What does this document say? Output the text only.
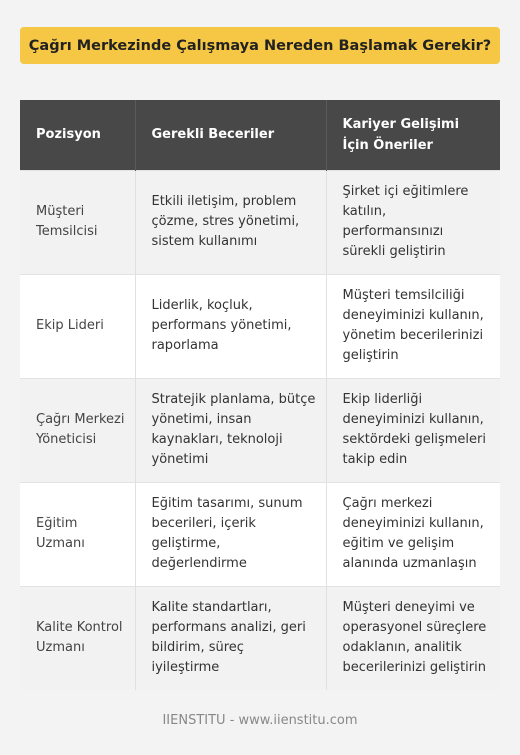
Çağrı Merkezinde Çalışmaya Nereden Başlamak Gerekir?
Pozisyon	Gerekli Beceriler	Kariyer Gelişimi İçin Öneriler
Müşteri Temsilcisi	Etkili iletişim, problem çözme, stres yönetimi, sistem kullanımı	Şirket içi eğitimlere katılın, performansınızı sürekli geliştirin
Ekip Lideri	Liderlik, koçluk, performans yönetimi, raporlama	Müşteri temsilciliği deneyiminizi kullanın, yönetim becerilerinizi geliştirin
Çağrı Merkezi Yöneticisi	Stratejik planlama, bütçe yönetimi, insan kaynakları, teknoloji yönetimi	Ekip liderliği deneyiminizi kullanın, sektördeki gelişmeleri takip edin
Eğitim Uzmanı	Eğitim tasarımı, sunum becerileri, içerik geliştirme, değerlendirme	Çağrı merkezi deneyiminizi kullanın, eğitim ve gelişim alanında uzmanlaşın
Kalite Kontrol Uzmanı	Kalite standartları, performans analizi, geri bildirim, süreç iyileştirme	Müşteri deneyimi ve operasyonel süreçlere odaklanın, analitik becerilerinizi geliştirin
IIENSTITU - www.iienstitu.com
